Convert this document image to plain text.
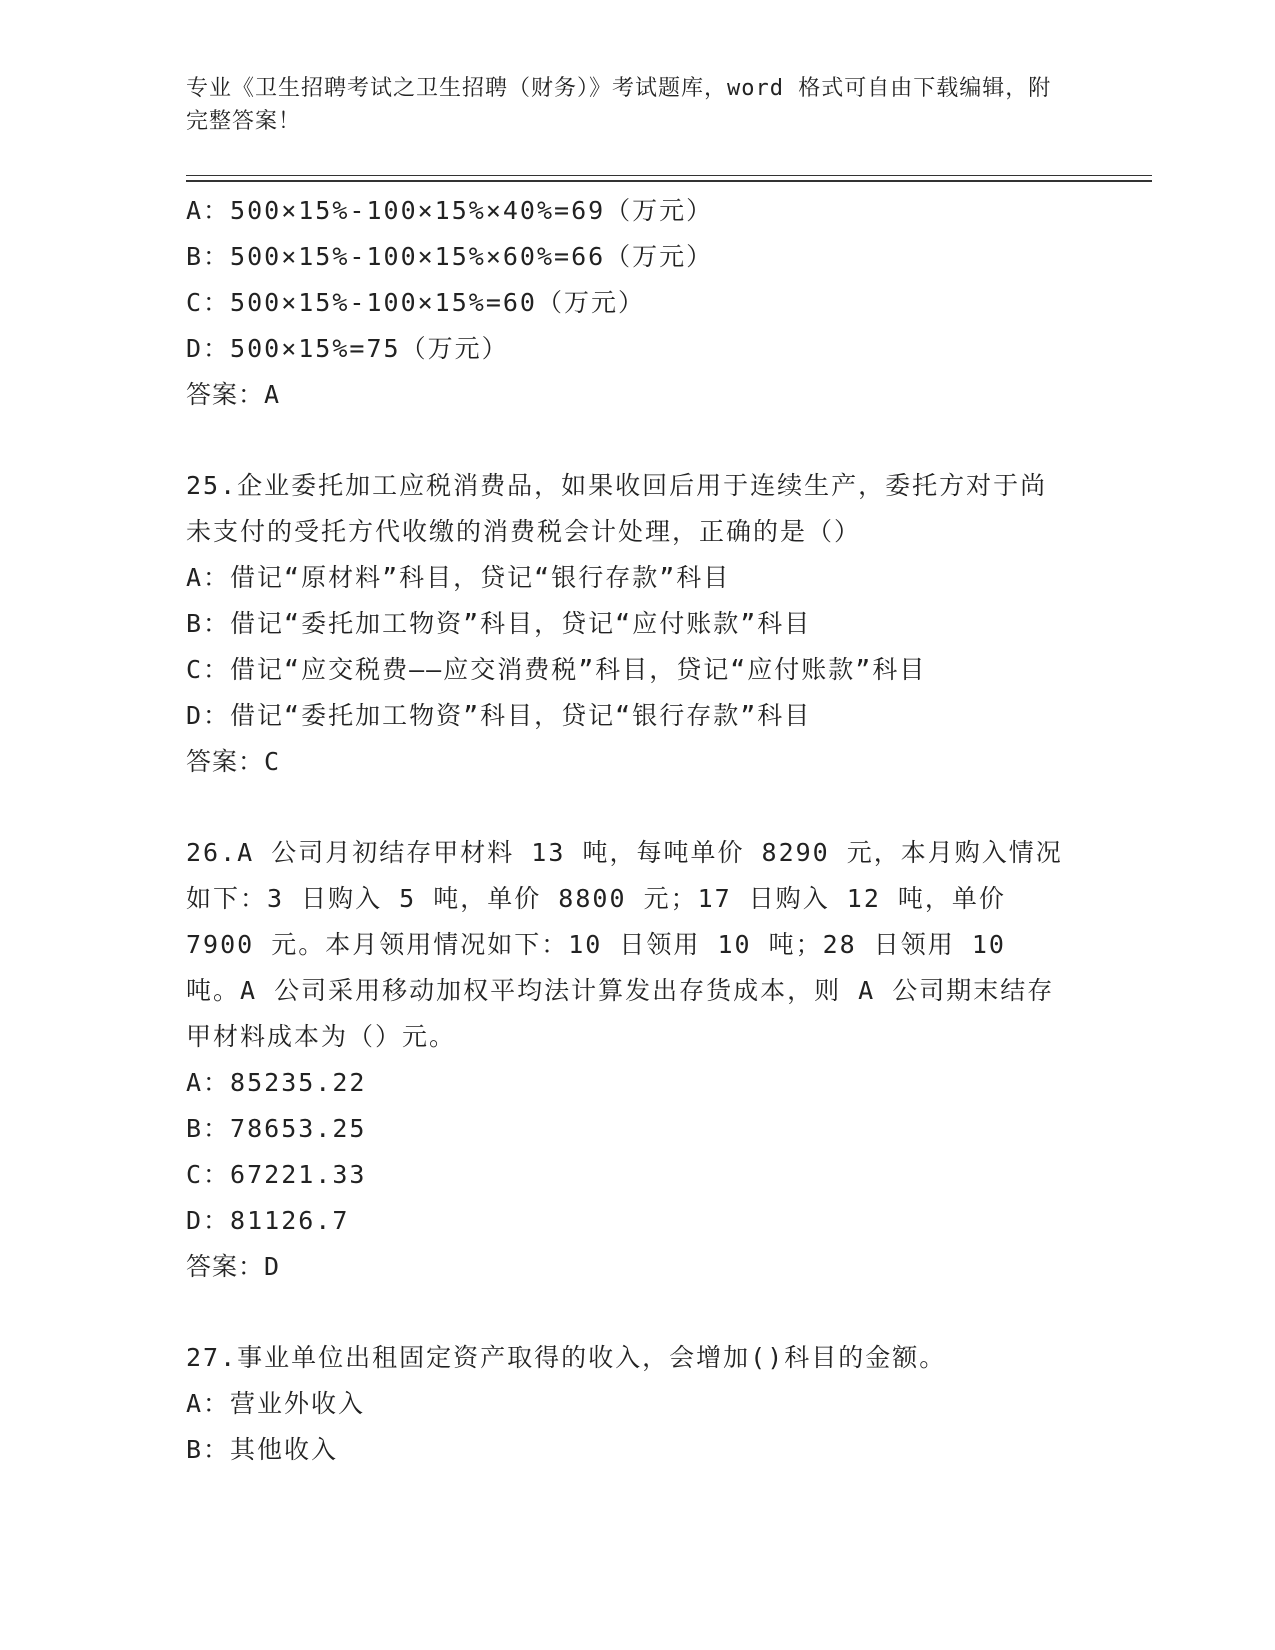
专业《卫生招聘考试之卫生招聘（财务）》考试题库，word 格式可自由下载编辑，附完整答案！
A：500×15%-100×15%×40%=69（万元）
B：500×15%-100×15%×60%=66（万元）
C：500×15%-100×15%=60（万元）
D：500×15%=75（万元）
答案：A
25.企业委托加工应税消费品，如果收回后用于连续生产，委托方对于尚未支付的受托方代收缴的消费税会计处理，正确的是（）
A：借记“原材料”科目，贷记“银行存款”科目
B：借记“委托加工物资”科目，贷记“应付账款”科目
C：借记“应交税费——应交消费税”科目，贷记“应付账款”科目
D：借记“委托加工物资”科目，贷记“银行存款”科目
答案：C
26.A 公司月初结存甲材料 13 吨，每吨单价 8290 元，本月购入情况如下：3 日购入 5 吨，单价 8800 元；17 日购入 12 吨，单价 7900 元。本月领用情况如下：10 日领用 10 吨；28 日领用 10 吨。A 公司采用移动加权平均法计算发出存货成本，则 A 公司期末结存甲材料成本为（）元。
A：85235.22
B：78653.25
C：67221.33
D：81126.7
答案：D
27.事业单位出租固定资产取得的收入，会增加()科目的金额。
A：营业外收入
B：其他收入
